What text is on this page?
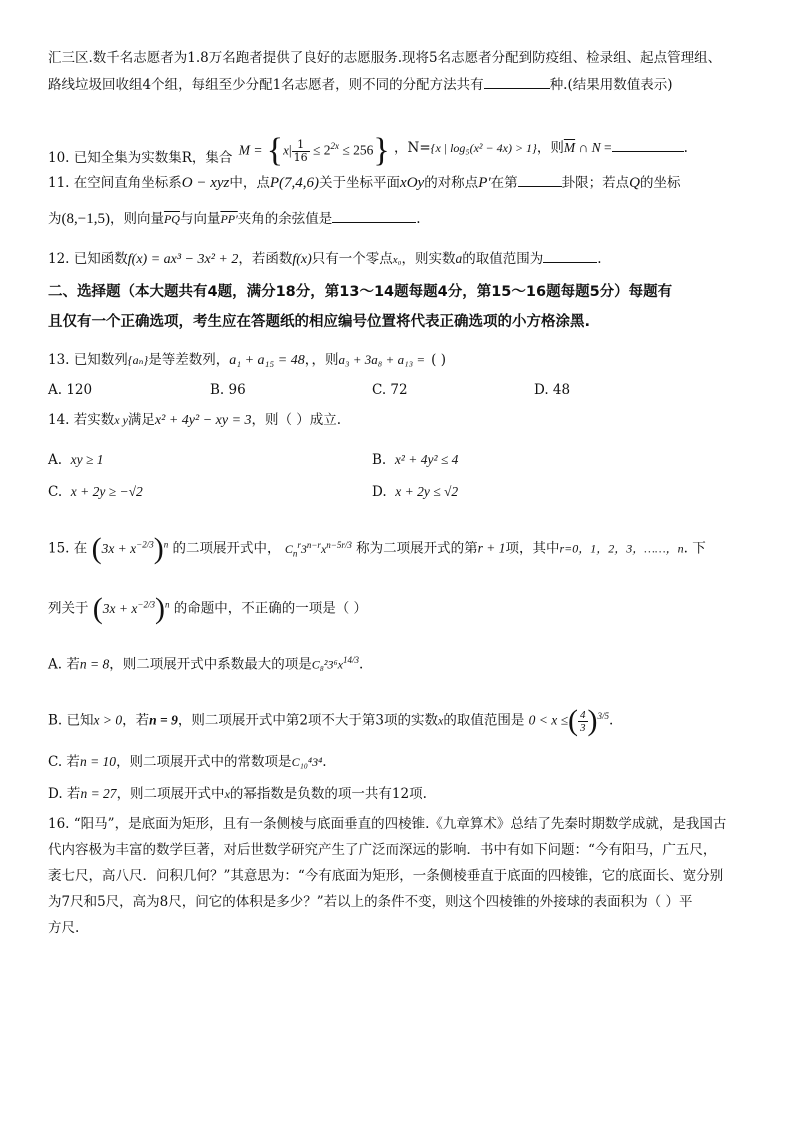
汇三区.数千名志愿者为1.8万名跑者提供了良好的志愿服务.现将5名志愿者分配到防疫组、检录组、起点管理组、
路线垃圾回收组4个组，每组至少分配1名志愿者，则不同的分配方法共有	种.(结果用数值表示)
10. 已知全集为实数集R，集合 $M = \{x| \frac{1}{16} \le 2^{2x} \le 256\}$ ，N={x | log₅(x² − 4x) > 1}，则$\overline{M}$ ∩ N =	.
11. 在空间直角坐标系O − xyz中，点P(7,4,6)关于坐标平面xOy的对称点P′在第	卦限；若点Q的坐标
为(8,−1,5)，则向量$\overline{PQ}$与向量PP′夹角的余弦值是	.
12. 已知函数f(x) = ax³ − 3x² + 2，若函数f(x)只有一个零点x₀，则实数a的取值范围为	.
二、选择题（本大题共有4题，满分18分，第13～14题每题4分，第15～16题每题5分）每题有
且仅有一个正确选项，考生应在答题纸的相应编号位置将代表正确选项的小方格涂黑.
13. 已知数列{aₙ}是等差数列，a₁ + a₁₅ = 48，，则a₃ + 3a₈ + a₁₃ = ( )
A. 120	B. 96	C. 72	D. 48
14. 若实数x y满足x² + 4y² − xy = 3，则（ ）成立.
A. xy ≥ 1	B. x² + 4y² ≤ 4
C. x + 2y ≥ −√2	D. x + 2y ≤ √2
15. 在 $(3x + x^{-2/3})^n$ 的二项展开式中， $C_n^r3^{n-r}x^{n-5r/3}$ 称为二项展开式的第r + 1项，其中r=0，1，2，3，……，n. 下
列关于 $(3x + x^{-2/3})^n$ 的命题中，不正确的一项是（ ）
A. 若n = 8，则二项展开式中系数最大的项是$C_8^23^6x^{14/3}$.
B. 已知x > 0，若n = 9，则二项展开式中第2项不大于第3项的实数x的取值范围是 0 < x ≤( $\frac{4}{3} )^{3/5}$.
C. 若n = 10，则二项展开式中的常数项是C₁₀⁴3⁴.
D. 若n = 27，则二项展开式中x的幂指数是负数的项一共有12项.
16. “阳马”，是底面为矩形，且有一条侧棱与底面垂直的四棱锥.《九章算术》总结了先秦时期数学成就，是我国古
代内容极为丰富的数学巨著，对后世数学研究产生了广泛而深远的影响．书中有如下问题：“今有阳马，广五尺，
袤七尺，高八尺．问积几何？”其意思为：“今有底面为矩形，一条侧棱垂直于底面的四棱锥，它的底面长、宽分别
为7尺和5尺，高为8尺，问它的体积是多少？”若以上的条件不变，则这个四棱锥的外接球的表面积为（ ）平
方尺.
